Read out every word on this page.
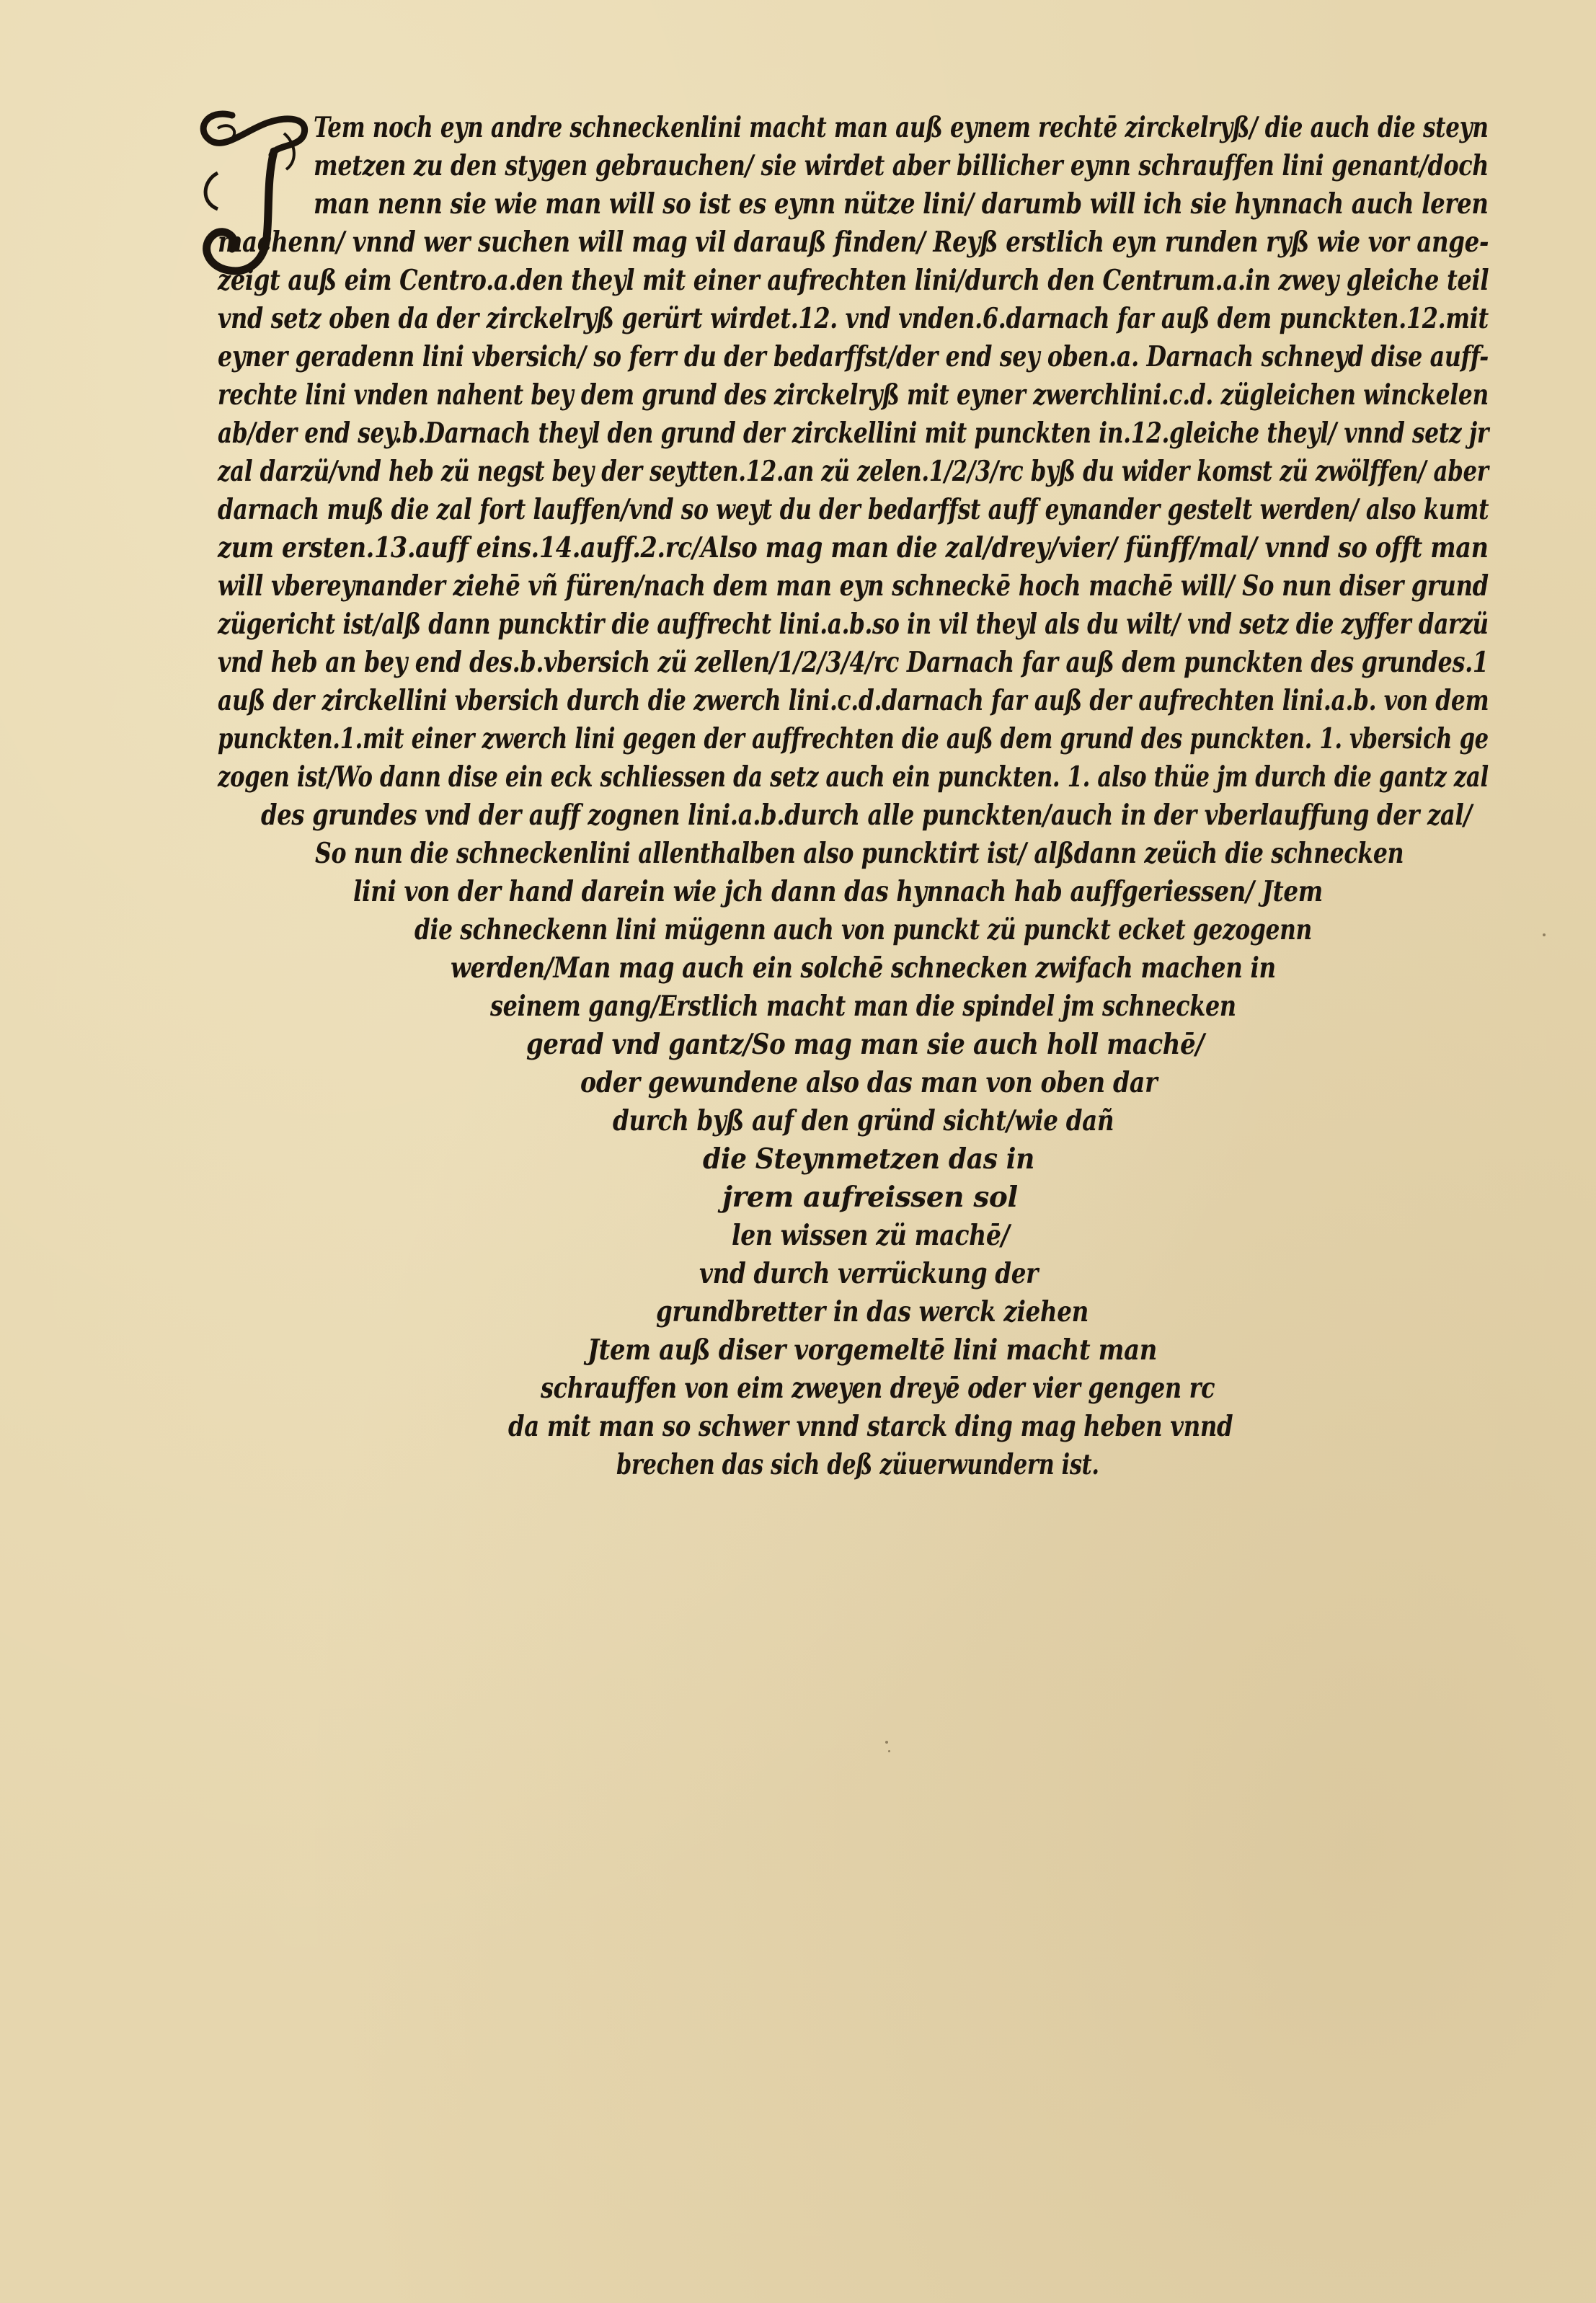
Tem noch eyn andre schneckenlini macht man auß eynem rechtē zirckelryß/ die auch die steyn
metzen zu den stygen gebrauchen/ sie wirdet aber billicher eynn schrauffen lini genant/doch
man nenn sie wie man will so ist es eynn nütze lini/ darumb will ich sie hynnach auch leren
machenn/ vnnd wer suchen will mag vil darauß finden/ Reyß erstlich eyn runden ryß wie vor ange-
zeigt auß eim Centro.a.den theyl mit einer aufrechten lini/durch den Centrum.a.in zwey gleiche teil
vnd setz oben da der zirckelryß gerürt wirdet.12. vnd vnden.6.darnach far auß dem punckten.12.mit
eyner geradenn lini vbersich/ so ferr du der bedarffst/der end sey oben.a. Darnach schneyd dise auff-
rechte lini vnden nahent bey dem grund des zirckelryß mit eyner zwerchlini.c.d. zügleichen winckelen
ab/der end sey.b.Darnach theyl den grund der zirckellini mit punckten in.12.gleiche theyl/ vnnd setz jr
zal darzü/vnd heb zü negst bey der seytten.12.an zü zelen.1/2/3/rc byß du wider komst zü zwölffen/ aber
darnach muß die zal fort lauffen/vnd so weyt du der bedarffst auff eynander gestelt werden/ also kumt
zum ersten.13.auff eins.14.auff.2.rc/Also mag man die zal/drey/vier/ fünff/mal/ vnnd so offt man
will vbereynander ziehē vñ füren/nach dem man eyn schneckē hoch machē will/ So nun diser grund
zügericht ist/alß dann puncktir die auffrecht lini.a.b.so in vil theyl als du wilt/ vnd setz die zyffer darzü
vnd heb an bey end des.b.vbersich zü zellen/1/2/3/4/rc Darnach far auß dem punckten des grundes.1
auß der zirckellini vbersich durch die zwerch lini.c.d.darnach far auß der aufrechten lini.a.b. von dem
punckten.1.mit einer zwerch lini gegen der auffrechten die auß dem grund des punckten. 1. vbersich ge
zogen ist/Wo dann dise ein eck schliessen da setz auch ein punckten. 1. also thüe jm durch die gantz zal
des grundes vnd der auff zognen lini.a.b.durch alle punckten/auch in der vberlauffung der zal/
So nun die schneckenlini allenthalben also puncktirt ist/ alßdann zeüch die schnecken
lini von der hand darein wie jch dann das hynnach hab auffgeriessen/ Jtem
die schneckenn lini mügenn auch von punckt zü punckt ecket gezogenn
werden/Man mag auch ein solchē schnecken zwifach machen in
seinem gang/Erstlich macht man die spindel jm schnecken
gerad vnd gantz/So mag man sie auch holl machē/
oder gewundene also das man von oben dar
durch byß auf den gründ sicht/wie dañ
die Steynmetzen das in
jrem aufreissen sol
len wissen zü machē/
vnd durch verrückung der
grundbretter in das werck ziehen
Jtem auß diser vorgemeltē lini macht man
schrauffen von eim zweyen dreyē oder vier gengen rc
da mit man so schwer vnnd starck ding mag heben vnnd
brechen das sich deß züuerwundern ist.
